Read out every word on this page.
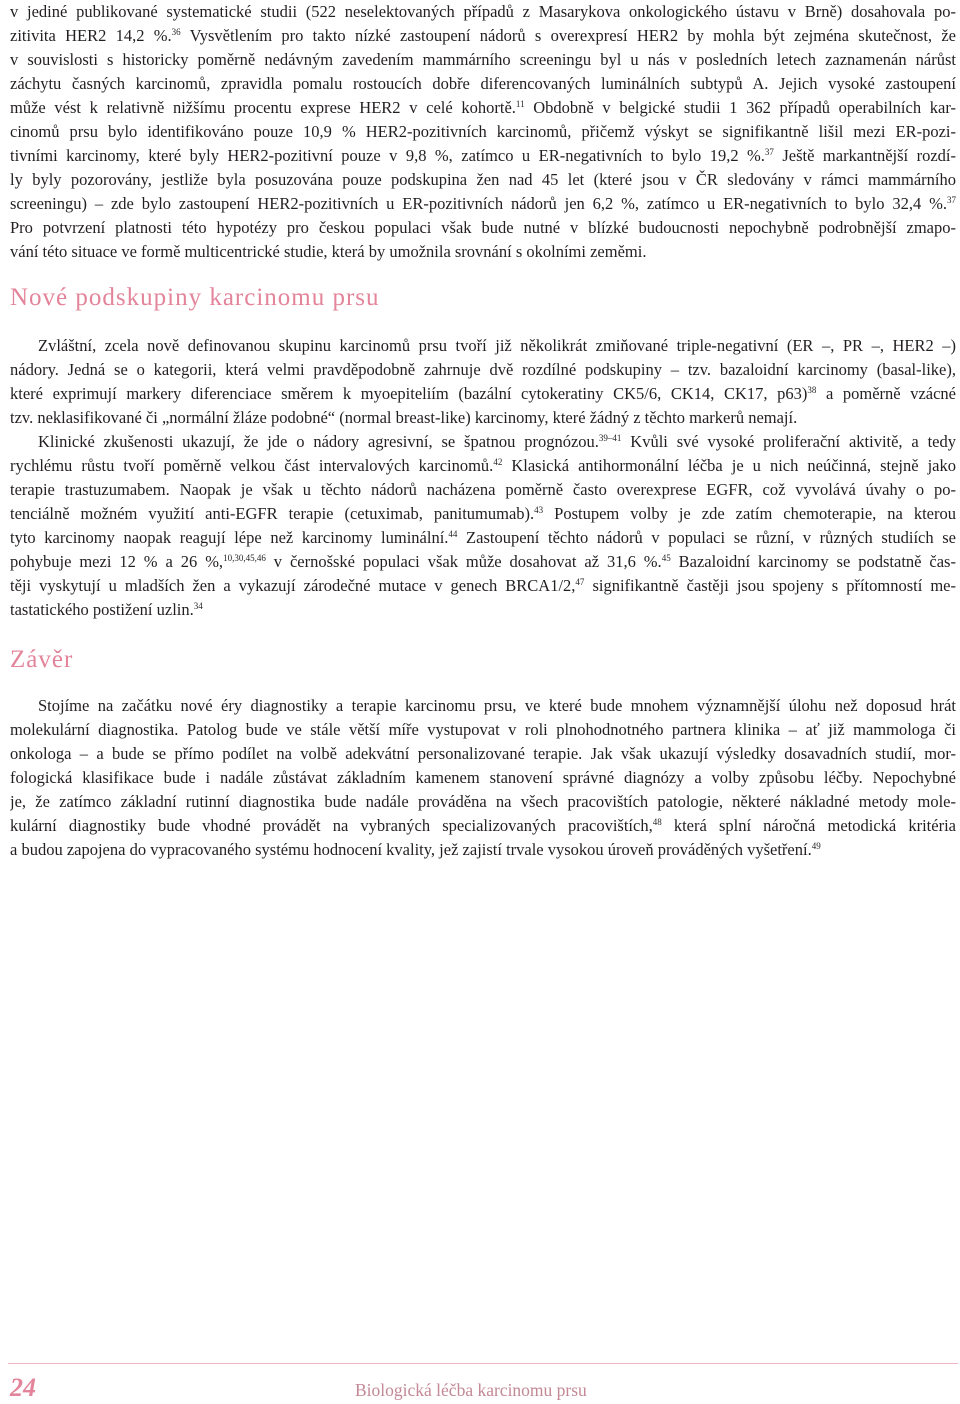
v jediné publikované systematické studii (522 neselektovaných případů z Masarykova onkologického ústavu v Brně) dosahovala po-
zitivita HER2 14,2 %.$^{36}$ Vysvětlením pro takto nízké zastoupení nádorů s overexpresí HER2 by mohla být zejména skutečnost, že
v souvislosti s historicky poměrně nedávným zavedením mammárního screeningu byl u nás v posledních letech zaznamenán nárůst
záchytu časných karcinomů, zpravidla pomalu rostoucích dobře diferencovaných luminálních subtypů A. Jejich vysoké zastoupení
může vést k relativně nižšímu procentu exprese HER2 v celé kohortě.$^{11}$ Obdobně v belgické studii 1 362 případů operabilních kar-
cinomů prsu bylo identifikováno pouze 10,9 % HER2-pozitivních karcinomů, přičemž výskyt se signifikantně lišil mezi ER-pozi-
tivními karcinomy, které byly HER2-pozitivní pouze v 9,8 %, zatímco u ER-negativních to bylo 19,2 %.$^{37}$ Ještě markantnější rozdí-
ly byly pozorovány, jestliže byla posuzována pouze podskupina žen nad 45 let (které jsou v ČR sledovány v rámci mammárního
screeningu) – zde bylo zastoupení HER2-pozitivních u ER-pozitivních nádorů jen 6,2 %, zatímco u ER-negativních to bylo 32,4 %.$^{37}$
Pro potvrzení platnosti této hypotézy pro českou populaci však bude nutné v blízké budoucnosti nepochybně podrobnější zmapo-
vání této situace ve formě multicentrické studie, která by umožnila srovnání s okolními zeměmi.
Nové podskupiny karcinomu prsu
Zvláštní, zcela nově definovanou skupinu karcinomů prsu tvoří již několikrát zmiňované triple-negativní (ER –, PR –, HER2 –)
nádory. Jedná se o kategorii, která velmi pravděpodobně zahrnuje dvě rozdílné podskupiny – tzv. bazaloidní karcinomy (basal-like),
které exprimují markery diferenciace směrem k myoepiteliím (bazální cytokeratiny CK5/6, CK14, CK17, p63)$^{38}$ a poměrně vzácné
tzv. neklasifikované či „normální žláze podobné“ (normal breast-like) karcinomy, které žádný z těchto markerů nemají.
Klinické zkušenosti ukazují, že jde o nádory agresivní, se špatnou prognózou.$^{39-41}$ Kvůli své vysoké proliferační aktivitě, a tedy
rychlému růstu tvoří poměrně velkou část intervalových karcinomů.$^{42}$ Klasická antihormonální léčba je u nich neúčinná, stejně jako
terapie trastuzumabem. Naopak je však u těchto nádorů nacházena poměrně často overexprese EGFR, což vyvolává úvahy o po-
tenciálně možném využití anti-EGFR terapie (cetuximab, panitumumab).$^{43}$ Postupem volby je zde zatím chemoterapie, na kterou
tyto karcinomy naopak reagují lépe než karcinomy luminální.$^{44}$ Zastoupení těchto nádorů v populaci se různí, v různých studiích se
pohybuje mezi 12 % a 26 %,$^{10,30,45,46}$ v černošské populaci však může dosahovat až 31,6 %.$^{45}$ Bazaloidní karcinomy se podstatně čas-
těji vyskytují u mladších žen a vykazují zárodečné mutace v genech BRCA1/2,47 signifikantně častěji jsou spojeny s přítomností me-
tastatického postižení uzlin.$^{34}$
Závěr
Stojíme na začátku nové éry diagnostiky a terapie karcinomu prsu, ve které bude mnohem významnější úlohu než doposud hrát
molekulární diagnostika. Patolog bude ve stále větší míře vystupovat v roli plnohodnotného partnera klinika – ať již mammologa či
onkologa – a bude se přímo podílet na volbě adekvátní personalizované terapie. Jak však ukazují výsledky dosavadních studií, mor-
fologická klasifikace bude i nadále zůstávat základním kamenem stanovení správné diagnózy a volby způsobu léčby. Nepochybné
je, že zatímco základní rutinní diagnostika bude nadále prováděna na všech pracovištích patologie, některé nákladné metody mole-
kulární diagnostiky bude vhodné provádět na vybraných specializovaných pracovištích,$^{48}$ která splní náročná metodická kritéria
a budou zapojena do vypracovaného systému hodnocení kvality, jež zajistí trvale vysokou úroveň prováděných vyšetření.$^{49}$
24	Biologická léčba karcinomu prsu
